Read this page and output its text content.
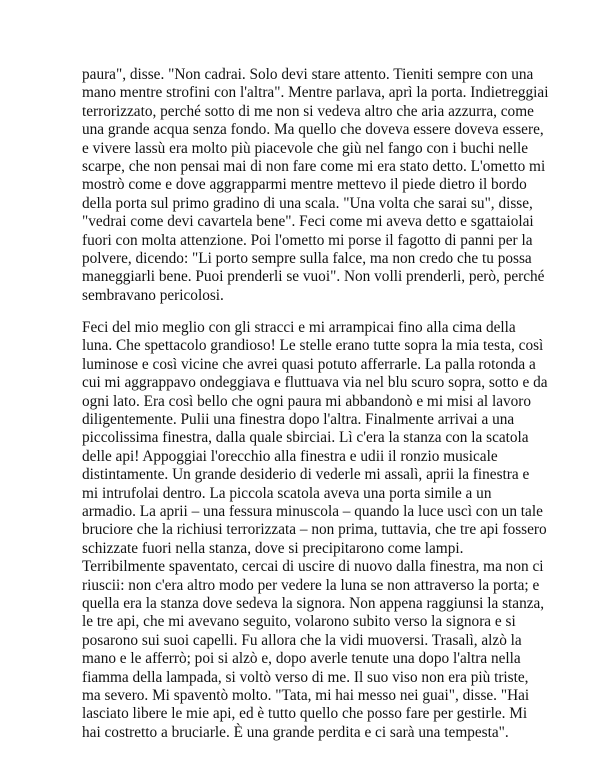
paura", disse. "Non cadrai. Solo devi stare attento. Tieniti sempre con una
mano mentre strofini con l'altra". Mentre parlava, aprì la porta. Indietreggiai
terrorizzato, perché sotto di me non si vedeva altro che aria azzurra, come
una grande acqua senza fondo. Ma quello che doveva essere doveva essere,
e vivere lassù era molto più piacevole che giù nel fango con i buchi nelle
scarpe, che non pensai mai di non fare come mi era stato detto. L'ometto mi
mostrò come e dove aggrapparmi mentre mettevo il piede dietro il bordo
della porta sul primo gradino di una scala. "Una volta che sarai su", disse,
"vedrai come devi cavartela bene". Feci come mi aveva detto e sgattaiolai
fuori con molta attenzione. Poi l'ometto mi porse il fagotto di panni per la
polvere, dicendo: "Li porto sempre sulla falce, ma non credo che tu possa
maneggiarli bene. Puoi prenderli se vuoi". Non volli prenderli, però, perché
sembravano pericolosi.
Feci del mio meglio con gli stracci e mi arrampicai fino alla cima della
luna. Che spettacolo grandioso! Le stelle erano tutte sopra la mia testa, così
luminose e così vicine che avrei quasi potuto afferrarle. La palla rotonda a
cui mi aggrappavo ondeggiava e fluttuava via nel blu scuro sopra, sotto e da
ogni lato. Era così bello che ogni paura mi abbandonò e mi misi al lavoro
diligentemente. Pulii una finestra dopo l'altra. Finalmente arrivai a una
piccolissima finestra, dalla quale sbirciai. Lì c'era la stanza con la scatola
delle api! Appoggiai l'orecchio alla finestra e udii il ronzio musicale
distintamente. Un grande desiderio di vederle mi assalì, aprii la finestra e
mi intrufolai dentro. La piccola scatola aveva una porta simile a un
armadio. La aprii – una fessura minuscola – quando la luce uscì con un tale
bruciore che la richiusi terrorizzata – non prima, tuttavia, che tre api fossero
schizzate fuori nella stanza, dove si precipitarono come lampi.
Terribilmente spaventato, cercai di uscire di nuovo dalla finestra, ma non ci
riuscii: non c'era altro modo per vedere la luna se non attraverso la porta; e
quella era la stanza dove sedeva la signora. Non appena raggiunsi la stanza,
le tre api, che mi avevano seguito, volarono subito verso la signora e si
posarono sui suoi capelli. Fu allora che la vidi muoversi. Trasalì, alzò la
mano e le afferrò; poi si alzò e, dopo averle tenute una dopo l'altra nella
fiamma della lampada, si voltò verso di me. Il suo viso non era più triste,
ma severo. Mi spaventò molto. "Tata, mi hai messo nei guai", disse. "Hai
lasciato libere le mie api, ed è tutto quello che posso fare per gestirle. Mi
hai costretto a bruciarle. È una grande perdita e ci sarà una tempesta".
